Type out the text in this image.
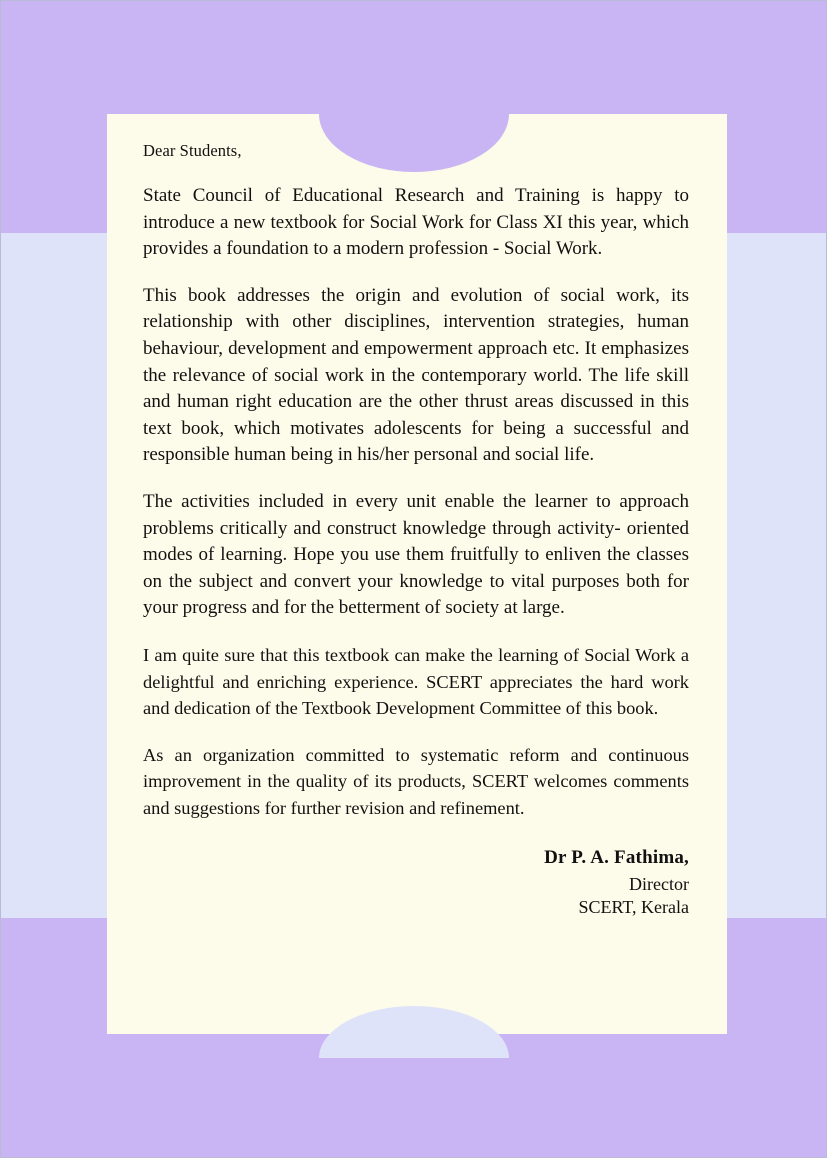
Dear Students,

State Council of Educational Research and Training is happy to introduce a new textbook for Social Work for Class XI this year, which provides a foundation to a modern profession - Social Work.

This book addresses the origin and evolution of social work, its relationship with other disciplines, intervention strategies, human behaviour, development and empowerment approach etc. It emphasizes the relevance of social work in the contemporary world. The life skill and human right education are the other thrust areas discussed in this text book, which motivates adolescents for being a successful and responsible human being in his/her personal and social life.

The activities included in every unit enable the learner to approach problems critically and construct knowledge through activity- oriented modes of learning. Hope you use them fruitfully to enliven the classes on the subject and convert your knowledge to vital purposes both for your progress and for the betterment of society at large.

I am quite sure that this textbook can make the learning of Social Work a delightful and enriching experience. SCERT appreciates the hard work and dedication of the Textbook Development Committee of this book.

As an organization committed to systematic reform and continuous improvement in the quality of its products, SCERT welcomes comments and suggestions for further revision and refinement.

Dr P. A. Fathima,
Director
SCERT, Kerala
